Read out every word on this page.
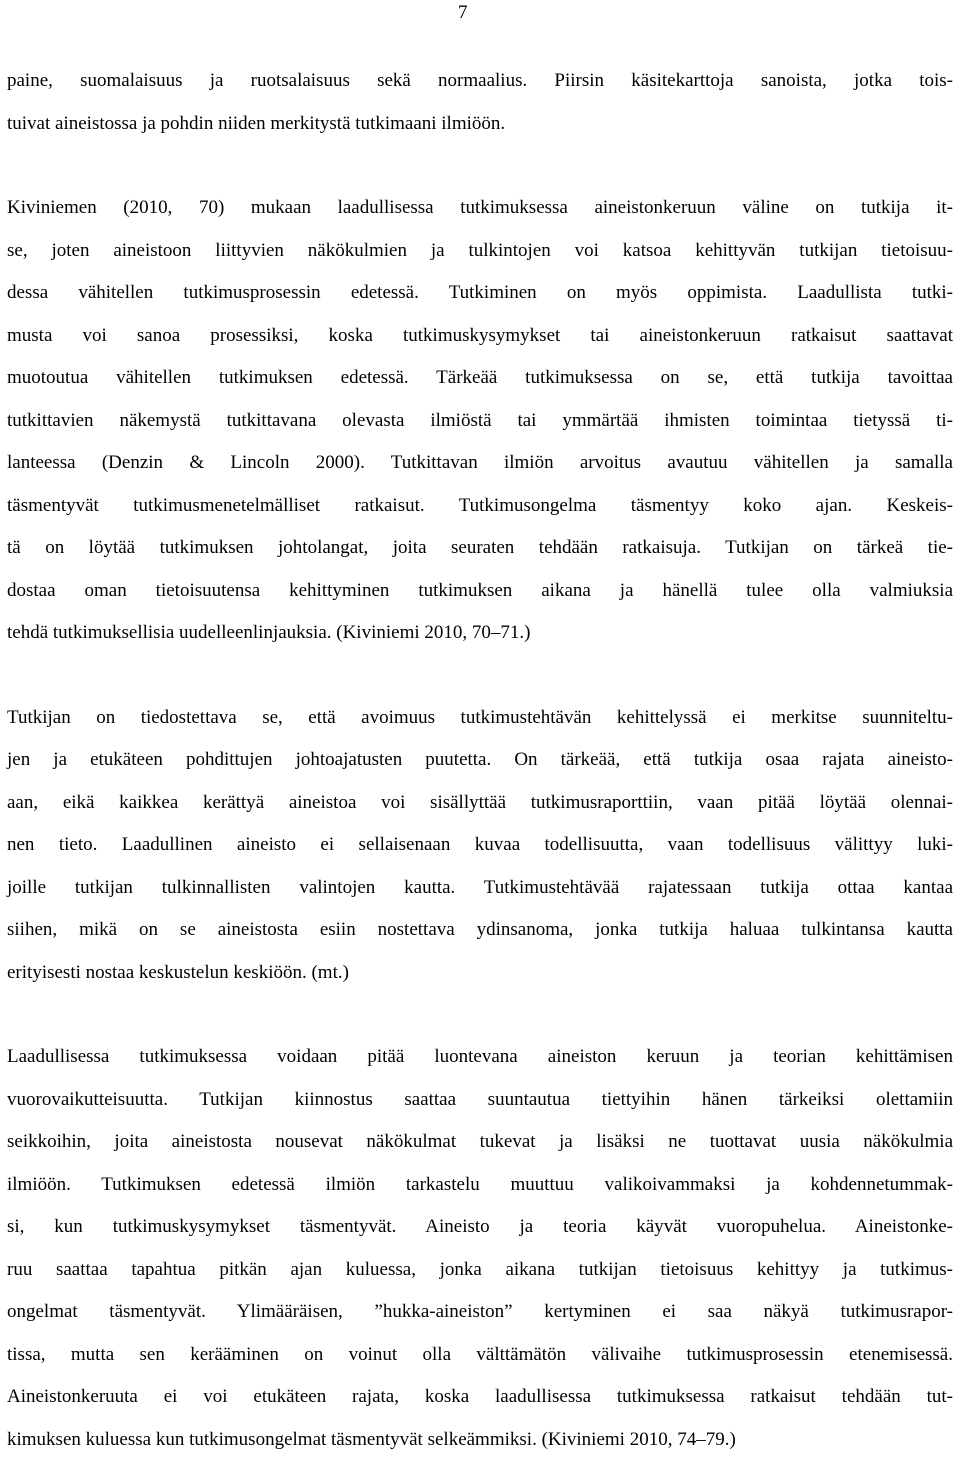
7

paine, suomalaisuus ja ruotsalaisuus sekä normaalius. Piirsin käsitekarttoja sanoista, jotka tois-
tuivat aineistossa ja pohdin niiden merkitystä tutkimaani ilmiöön.

Kiviniemen (2010, 70) mukaan laadullisessa tutkimuksessa aineistonkeruun väline on tutkija it-
se, joten aineistoon liittyvien näkökulmien ja tulkintojen voi katsoa kehittyvän tutkijan tietoisuu-
dessa vähitellen tutkimusprosessin edetessä. Tutkiminen on myös oppimista. Laadullista tutki-
musta voi sanoa prosessiksi, koska tutkimuskysymykset tai aineistonkeruun ratkaisut saattavat
muotoutua vähitellen tutkimuksen edetessä. Tärkeää tutkimuksessa on se, että tutkija tavoittaa
tutkittavien näkemystä tutkittavana olevasta ilmiöstä tai ymmärtää ihmisten toimintaa tietyssä ti-
lanteessa (Denzin & Lincoln 2000). Tutkittavan ilmiön arvoitus avautuu vähitellen ja samalla
täsmentyvät tutkimusmenetelmälliset ratkaisut. Tutkimusongelma täsmentyy koko ajan. Keskeis-
tä on löytää tutkimuksen johtolangat, joita seuraten tehdään ratkaisuja. Tutkijan on tärkeä tie-
dostaa oman tietoisuutensa kehittyminen tutkimuksen aikana ja hänellä tulee olla valmiuksia
tehdä tutkimuksellisia uudelleenlinjauksia. (Kiviniemi 2010, 70–71.)

Tutkijan on tiedostettava se, että avoimuus tutkimustehtävän kehittelyssä ei merkitse suunniteltu-
jen ja etukäteen pohdittujen johtoajatusten puutetta. On tärkeää, että tutkija osaa rajata aineisto-
aan, eikä kaikkea kerättyä aineistoa voi sisällyttää tutkimusraporttiin, vaan pitää löytää olennai-
nen tieto. Laadullinen aineisto ei sellaisenaan kuvaa todellisuutta, vaan todellisuus välittyy luki-
joille tutkijan tulkinnallisten valintojen kautta. Tutkimustehtävää rajatessaan tutkija ottaa kantaa
siihen, mikä on se aineistosta esiin nostettava ydinsanoma, jonka tutkija haluaa tulkintansa kautta
erityisesti nostaa keskustelun keskiöön. (mt.)

Laadullisessa tutkimuksessa voidaan pitää luontevana aineiston keruun ja teorian kehittämisen
vuorovaikutteisuutta. Tutkijan kiinnostus saattaa suuntautua tiettyihin hänen tärkeiksi olettamiin
seikkoihin, joita aineistosta nousevat näkökulmat tukevat ja lisäksi ne tuottavat uusia näkökulmia
ilmiöön. Tutkimuksen edetessä ilmiön tarkastelu muuttuu valikoivammaksi ja kohdennetummak-
si, kun tutkimuskysymykset täsmentyvät. Aineisto ja teoria käyvät vuoropuhelua. Aineistonke-
ruu saattaa tapahtua pitkän ajan kuluessa, jonka aikana tutkijan tietoisuus kehittyy ja tutkimus-
ongelmat täsmentyvät. Ylimääräisen, ”hukka-aineiston” kertyminen ei saa näkyä tutkimusrapor-
tissa, mutta sen kerääminen on voinut olla välttämätön välivaihe tutkimusprosessin etenemisessä.
Aineistonkeruuta ei voi etukäteen rajata, koska laadullisessa tutkimuksessa ratkaisut tehdään tut-
kimuksen kuluessa kun tutkimusongelmat täsmentyvät selkeämmiksi. (Kiviniemi 2010, 74–79.)
